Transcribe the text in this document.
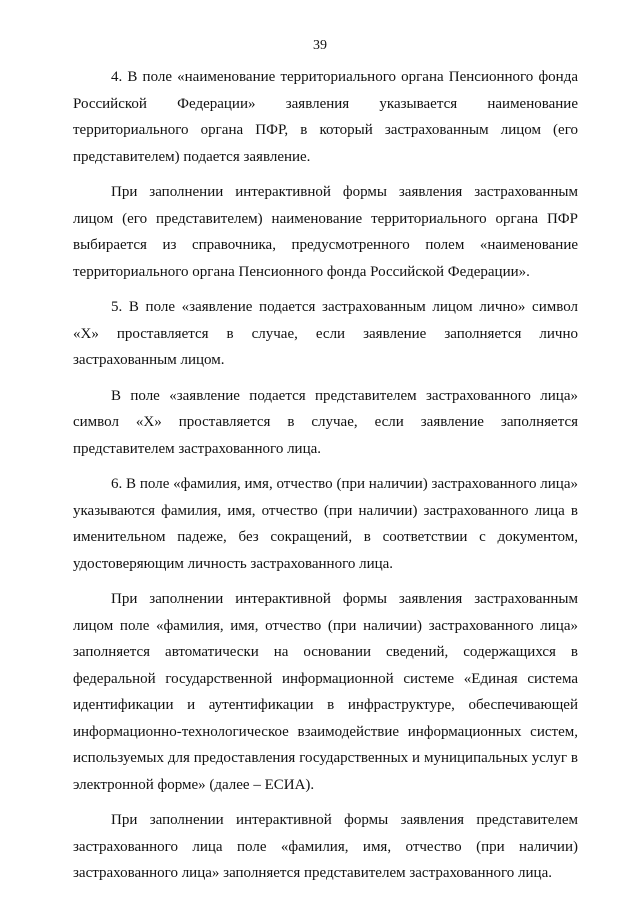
39

4. В поле «наименование территориального органа Пенсионного фонда Российской Федерации» заявления указывается наименование территориального органа ПФР, в который застрахованным лицом (его представителем) подается заявление.

При заполнении интерактивной формы заявления застрахованным лицом (его представителем) наименование территориального органа ПФР выбирается из справочника, предусмотренного полем «наименование территориального органа Пенсионного фонда Российской Федерации».

5. В поле «заявление подается застрахованным лицом лично» символ «Х» проставляется в случае, если заявление заполняется лично застрахованным лицом.

В поле «заявление подается представителем застрахованного лица» символ «Х» проставляется в случае, если заявление заполняется представителем застрахованного лица.

6. В поле «фамилия, имя, отчество (при наличии) застрахованного лица» указываются фамилия, имя, отчество (при наличии) застрахованного лица в именительном падеже, без сокращений, в соответствии с документом, удостоверяющим личность застрахованного лица.

При заполнении интерактивной формы заявления застрахованным лицом поле «фамилия, имя, отчество (при наличии) застрахованного лица» заполняется автоматически на основании сведений, содержащихся в федеральной государственной информационной системе «Единая система идентификации и аутентификации в инфраструктуре, обеспечивающей информационно-технологическое взаимодействие информационных систем, используемых для предоставления государственных и муниципальных услуг в электронной форме» (далее – ЕСИА).

При заполнении интерактивной формы заявления представителем застрахованного лица поле «фамилия, имя, отчество (при наличии) застрахованного лица» заполняется представителем застрахованного лица.
